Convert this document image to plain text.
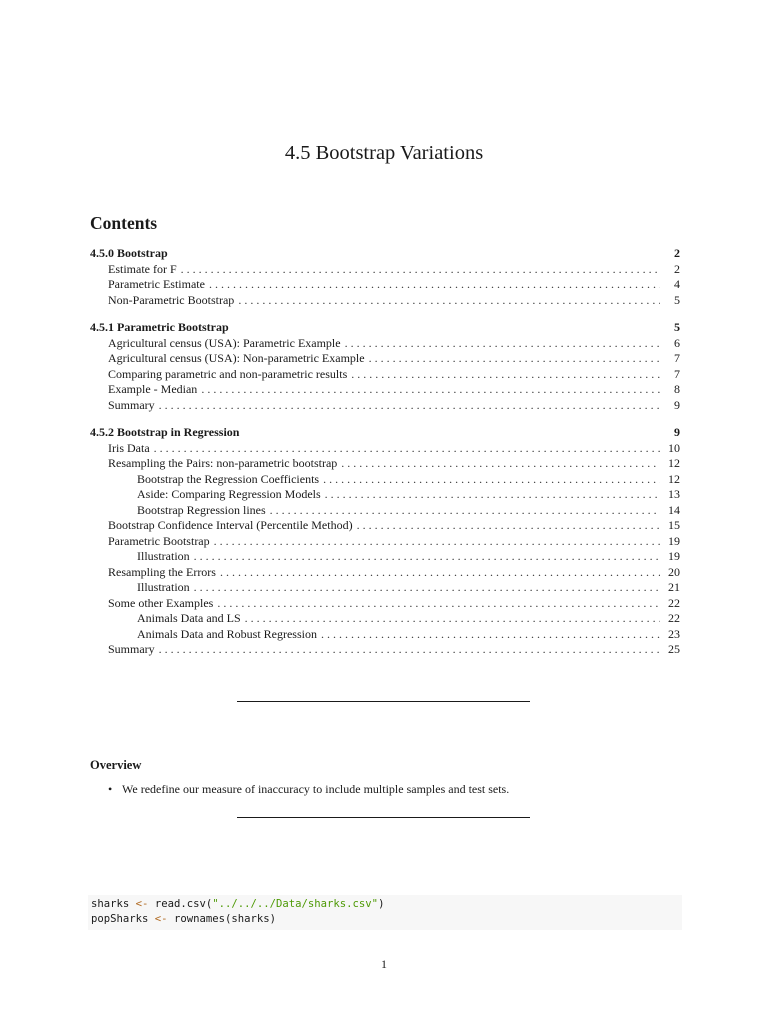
4.5 Bootstrap Variations
Contents
4.5.0 Bootstrap	2
Estimate for F . . .	2
Parametric Estimate . . .	4
Non-Parametric Bootstrap . . .	5
4.5.1 Parametric Bootstrap	5
Agricultural census (USA): Parametric Example . . .	6
Agricultural census (USA): Non-parametric Example . . .	7
Comparing parametric and non-parametric results . . .	7
Example - Median . . .	8
Summary . . .	9
4.5.2 Bootstrap in Regression	9
Iris Data . . .	10
Resampling the Pairs: non-parametric bootstrap . . .	12
Bootstrap the Regression Coefficients . . .	12
Aside: Comparing Regression Models . . .	13
Bootstrap Regression lines . . .	14
Bootstrap Confidence Interval (Percentile Method) . . .	15
Parametric Bootstrap . . .	19
Illustration . . .	19
Resampling the Errors . . .	20
Illustration . . .	21
Some other Examples . . .	22
Animals Data and LS . . .	22
Animals Data and Robust Regression . . .	23
Summary . . .	25
Overview
• We redefine our measure of inaccuracy to include multiple samples and test sets.
sharks <- read.csv("../../../Data/sharks.csv")
popSharks <- rownames(sharks)
1
